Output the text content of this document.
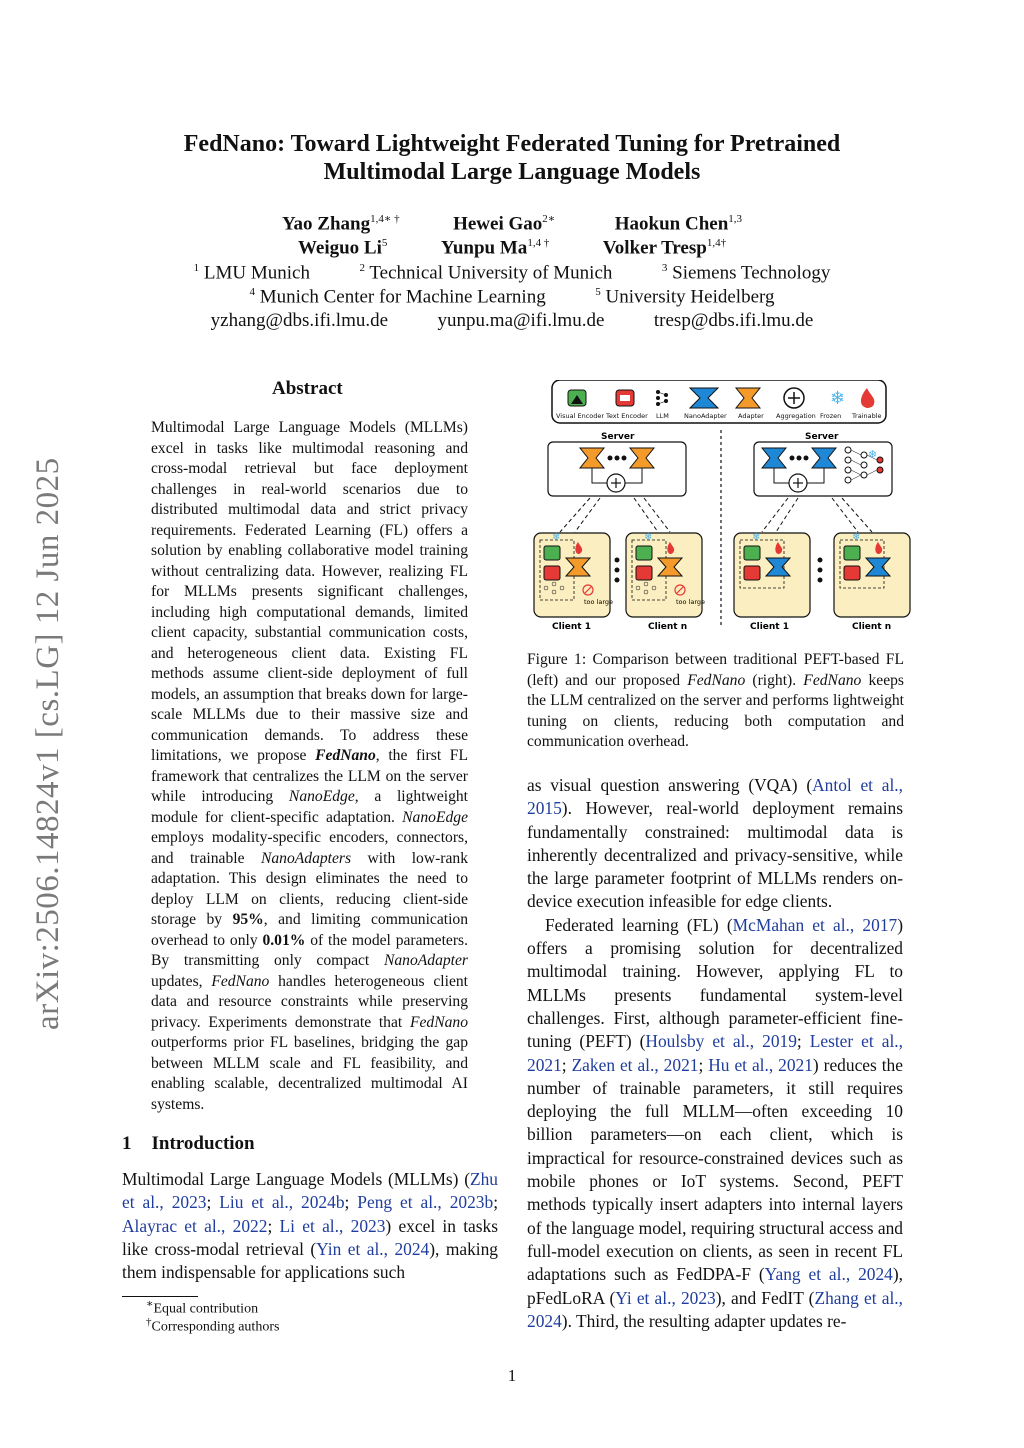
arXiv:2506.14824v1 [cs.LG] 12 Jun 2025
FedNano: Toward Lightweight Federated Tuning for Pretrained
Multimodal Large Language Models
Yao Zhang$^{1,4∗ \dagger}$	Hewei Gao$^{2∗}$	Haokun Chen$^{1,3}$
Weiguo Li$^5$	Yunpu $Ma^{1,4 \dagger}$	Volker Tresp$^{1,4\dagger}$
$^1$ LMU Munich	$^2$ Technical University of Munich	$^3$ Siemens Technology
$^4$ Munich Center for Machine Learning	$^5$ University Heidelberg
yzhang@dbs.ifi.lmu.de	yunpu.ma@ifi.lmu.de	tresp@dbs.ifi.lmu.de
Abstract

Multimodal Large Language Models (MLLMs) excel in tasks like multimodal reasoning and cross-modal retrieval but face deployment challenges in real-world scenarios due to distributed multimodal data and strict privacy requirements. Federated Learning (FL) offers a solution by enabling collaborative model training without centralizing data. However, realizing FL for MLLMs presents significant challenges, including high computational demands, limited client capacity, substantial communication costs, and heterogeneous client data. Existing FL methods assume client-side deployment of full models, an assumption that breaks down for large-scale MLLMs due to their massive size and communication demands. To address these limitations, we propose FedNano, the first FL framework that centralizes the LLM on the server while introducing NanoEdge, a lightweight module for client-specific adaptation. NanoEdge employs modality-specific encoders, connectors, and trainable NanoAdapters with low-rank adaptation. This design eliminates the need to deploy LLM on clients, reducing client-side storage by 95%, and limiting communication overhead to only 0.01% of the model parameters. By transmitting only compact NanoAdapter updates, FedNano handles heterogeneous client data and resource constraints while preserving privacy. Experiments demonstrate that FedNano outperforms prior FL baselines, bridging the gap between MLLM scale and FL feasibility, and enabling scalable, decentralized multimodal AI systems.

1 Introduction

Multimodal Large Language Models (MLLMs) (Zhu et al., 2023; Liu et al., 2024b; Peng et al., 2023b; Alayrac et al., 2022; Li et al., 2023) excel in tasks like cross-modal retrieval (Yin et al., 2024), making them indispensable for applications such

∗Equal contribution
†Corresponding authors
❄
Visual Encoder Text Encoder LLM NanoAdapter Adapter Aggregation Frozen Trainable
Server	Server
❄
❄
too large
❄
too large
Client 1	Client n
❄	❄
Client 1	Client n
Figure 1: Comparison between traditional PEFT-based FL (left) and our proposed FedNano (right). FedNano keeps the LLM centralized on the server and performs lightweight tuning on clients, reducing both computation and communication overhead.

as visual question answering (VQA) (Antol et al., 2015). However, real-world deployment remains fundamentally constrained: multimodal data is inherently decentralized and privacy-sensitive, while the large parameter footprint of MLLMs renders on-device execution infeasible for edge clients.

Federated learning (FL) (McMahan et al., 2017) offers a promising solution for decentralized multimodal training. However, applying FL to MLLMs presents fundamental system-level challenges. First, although parameter-efficient fine-tuning (PEFT) (Houlsby et al., 2019; Lester et al., 2021; Zaken et al., 2021; Hu et al., 2021) reduces the number of trainable parameters, it still requires deploying the full MLLM—often exceeding 10 billion parameters—on each client, which is impractical for resource-constrained devices such as mobile phones or IoT systems. Second, PEFT methods typically insert adapters into internal layers of the language model, requiring structural access and full-model execution on clients, as seen in recent FL adaptations such as FedDPA-F (Yang et al., 2024), pFedLoRA (Yi et al., 2023), and FedIT (Zhang et al., 2024). Third, the resulting adapter updates re-

1
